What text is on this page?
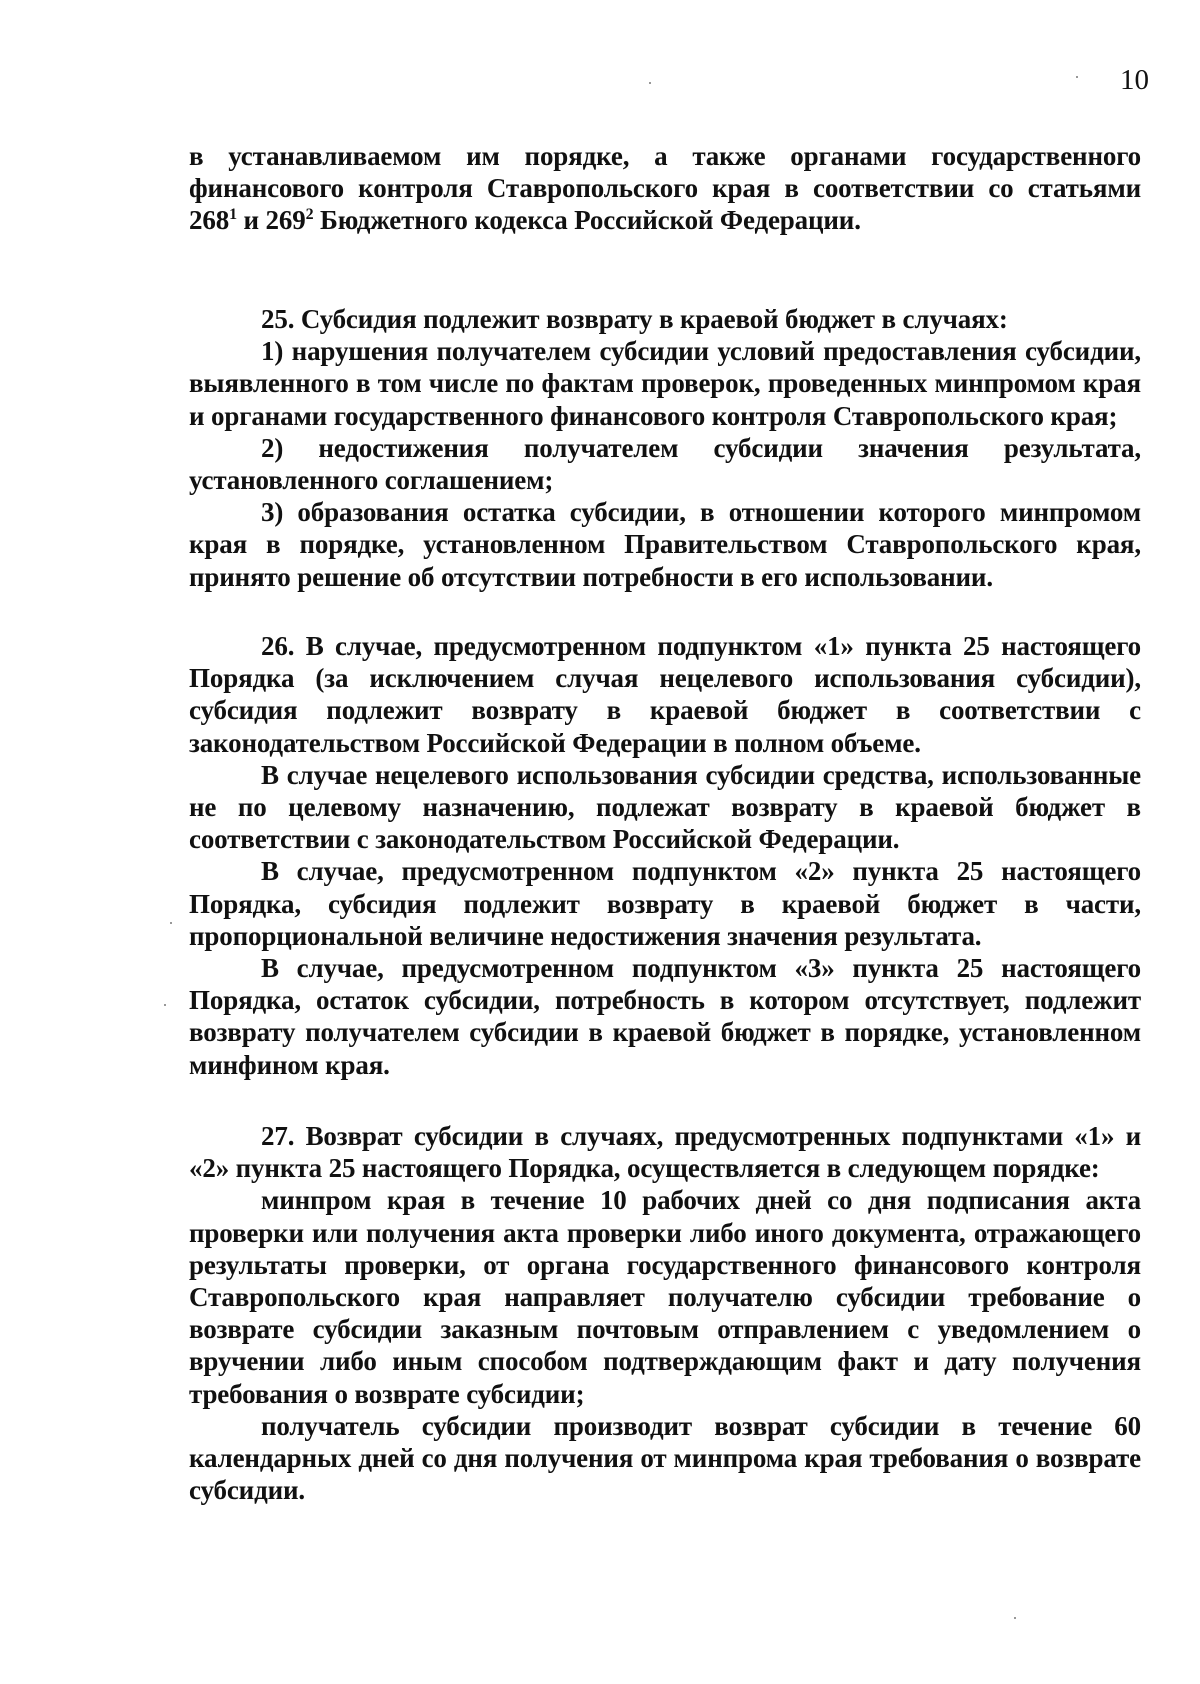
10

в устанавливаемом им порядке, а также органами государственного финансового контроля Ставропольского края в соответствии со статьями $268^1$ и $269^2$ Бюджетного кодекса Российской Федерации.

25. Субсидия подлежит возврату в краевой бюджет в случаях:

1) нарушения получателем субсидии условий предоставления субсидии, выявленного в том числе по фактам проверок, проведенных минпромом края и органами государственного финансового контроля Ставропольского края;

2) недостижения получателем субсидии значения результата, установленного соглашением;

3) образования остатка субсидии, в отношении которого минпромом края в порядке, установленном Правительством Ставропольского края, принято решение об отсутствии потребности в его использовании.

26. В случае, предусмотренном подпунктом «1» пункта 25 настоящего Порядка (за исключением случая нецелевого использования субсидии), субсидия подлежит возврату в краевой бюджет в соответствии с законодательством Российской Федерации в полном объеме.

В случае нецелевого использования субсидии средства, использованные не по целевому назначению, подлежат возврату в краевой бюджет в соответствии с законодательством Российской Федерации.

В случае, предусмотренном подпунктом «2» пункта 25 настоящего Порядка, субсидия подлежит возврату в краевой бюджет в части, пропорциональной величине недостижения значения результата.

В случае, предусмотренном подпунктом «3» пункта 25 настоящего Порядка, остаток субсидии, потребность в котором отсутствует, подлежит возврату получателем субсидии в краевой бюджет в порядке, установленном минфином края.

27. Возврат субсидии в случаях, предусмотренных подпунктами «1» и «2» пункта 25 настоящего Порядка, осуществляется в следующем порядке:

минпром края в течение 10 рабочих дней со дня подписания акта проверки или получения акта проверки либо иного документа, отражающего результаты проверки, от органа государственного финансового контроля Ставропольского края направляет получателю субсидии требование о возврате субсидии заказным почтовым отправлением с уведомлением о вручении либо иным способом подтверждающим факт и дату получения требования о возврате субсидии;

получатель субсидии производит возврат субсидии в течение 60 календарных дней со дня получения от минпрома края требования о возврате субсидии.
